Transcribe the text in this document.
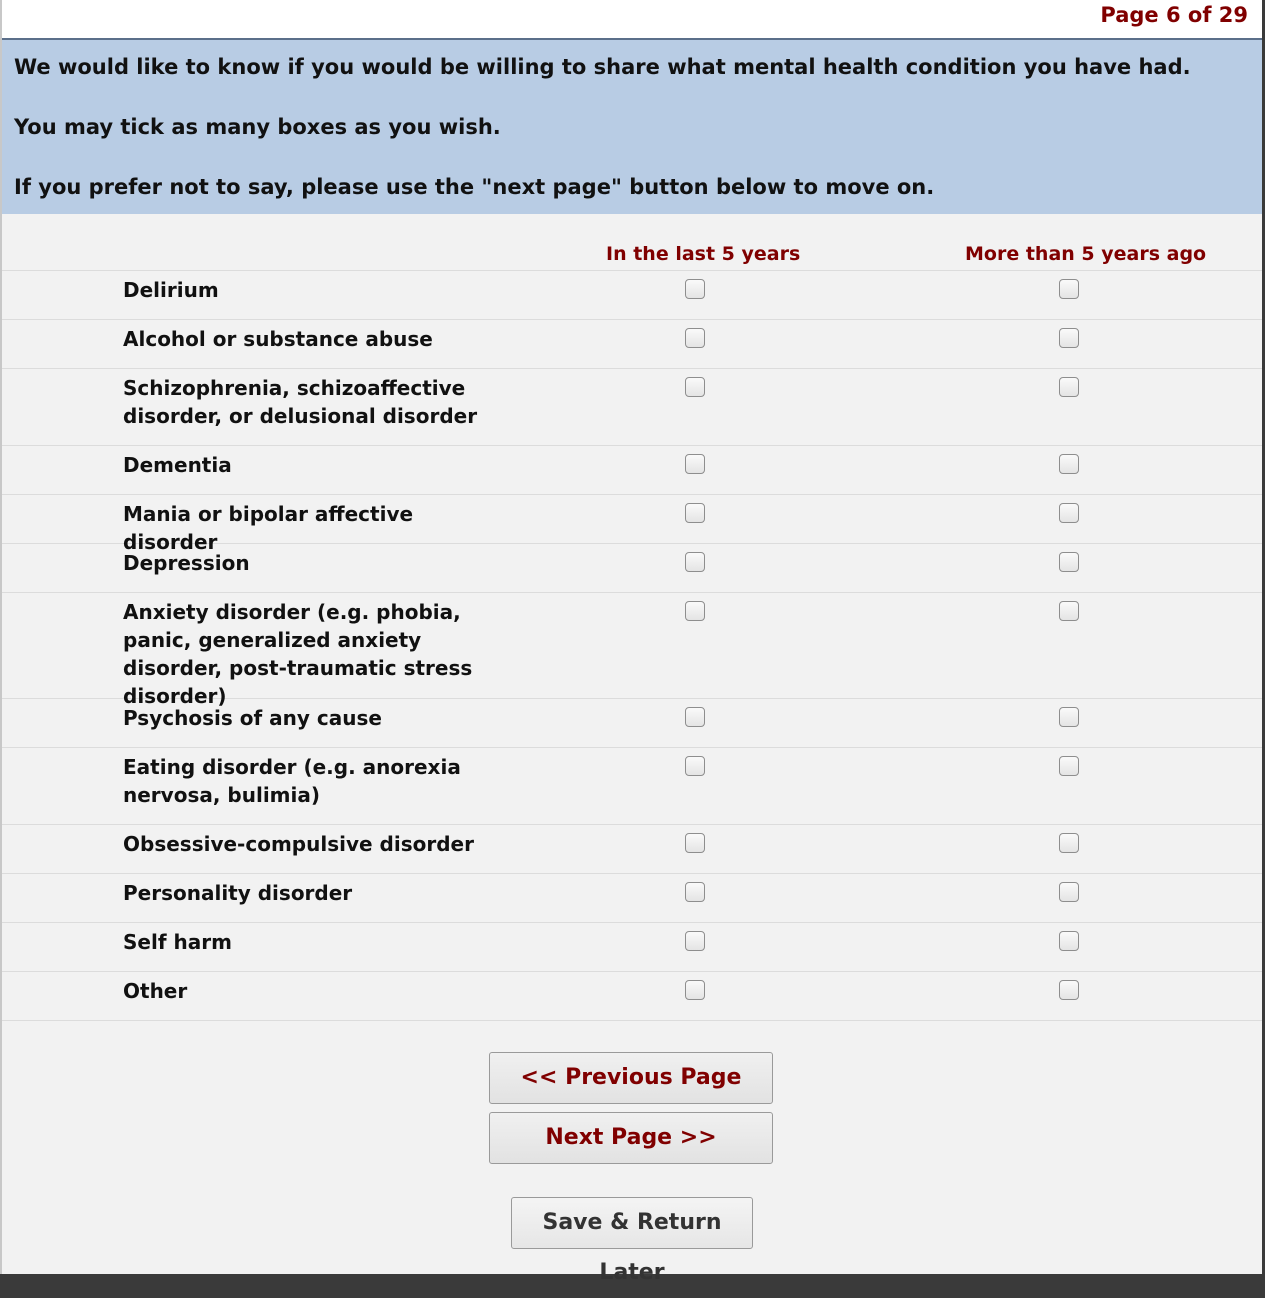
Page 6 of 29

We would like to know if you would be willing to share what mental health condition you have had.

You may tick as many boxes as you wish.

If you prefer not to say, please use the "next page" button below to move on.

In the last 5 years	More than 5 years ago
Delirium
Alcohol or substance abuse
Schizophrenia, schizoaffective disorder, or delusional disorder
Dementia
Mania or bipolar affective disorder
Depression
Anxiety disorder (e.g. phobia, panic, generalized anxiety disorder, post-traumatic stress disorder)
Psychosis of any cause
Eating disorder (e.g. anorexia nervosa, bulimia)
Obsessive-compulsive disorder
Personality disorder
Self harm
Other
<< Previous Page
Next Page >>
Save & Return Later
